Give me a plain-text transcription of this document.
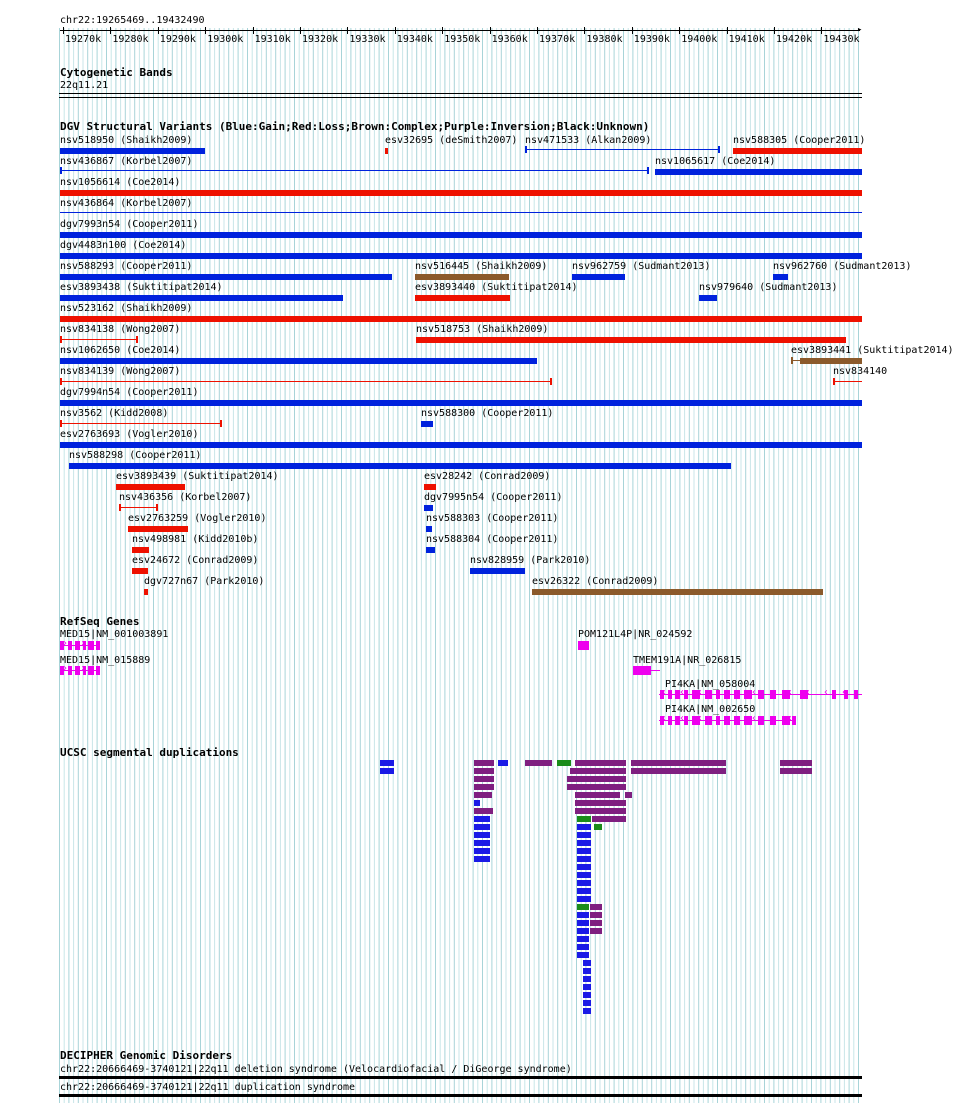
chr22:19265469..19432490
▸
19270k 19280k 19290k 19300k 19310k 19320k 19330k 19340k 19350k 19360k 19370k 19380k 19390k 19400k 19410k 19420k 19430k
Cytogenetic Bands
22q11.21
DGV Structural Variants (Blue:Gain;Red:Loss;Brown:Complex;Purple:Inversion;Black:Unknown)
RefSeq Genes
UCSC segmental duplications
DECIPHER Genomic Disorders
chr22:20666469-3740121|22q11 deletion syndrome (Velocardiofacial / DiGeorge syndrome)
chr22:20666469-3740121|22q11 duplication syndrome
nsv518950 (Shaikh2009)	esv32695 (deSmith2007) nsv471533 (Alkan2009)	nsv588305 (Cooper2011)
nsv436867 (Korbel2007)	nsv1065617 (Coe2014)
nsv1056614 (Coe2014)
nsv436864 (Korbel2007)
dgv7993n54 (Cooper2011)
dgv4483n100 (Coe2014)
nsv588293 (Cooper2011)	nsv516445 (Shaikh2009) nsv962759 (Sudmant2013)	nsv962760 (Sudmant2013)
esv3893438 (Suktitipat2014)	esv3893440 (Suktitipat2014)	nsv979640 (Sudmant2013)
nsv523162 (Shaikh2009)
nsv834138 (Wong2007)	nsv518753 (Shaikh2009)
nsv1062650 (Coe2014)	esv3893441 (Suktitipat2014)
nsv834139 (Wong2007)	nsv834140
dgv7994n54 (Cooper2011)
nsv3562 (Kidd2008)	nsv588300 (Cooper2011)
esv2763693 (Vogler2010)
nsv588298 (Cooper2011)
esv3893439 (Suktitipat2014)	esv28242 (Conrad2009)
nsv436356 (Korbel2007)	dgv7995n54 (Cooper2011)
esv2763259 (Vogler2010)	nsv588303 (Cooper2011)
nsv498981 (Kidd2010b)	nsv588304 (Cooper2011)
esv24672 (Conrad2009)	nsv828959 (Park2010)
dgv727n67 (Park2010)	esv26322 (Conrad2009)
MED15|NM_001003891
› ›
MED15|NM_015889
› ›
POM121L4P|NR_024592
TMEM191A|NR_026815
PI4KA|NM_058004
‹ ‹ ‹ ‹ ‹ ‹ ‹ ‹ ‹ ‹ ‹
PI4KA|NM_002650
‹ ‹ ‹ ‹ ‹ ‹ ‹ ‹
